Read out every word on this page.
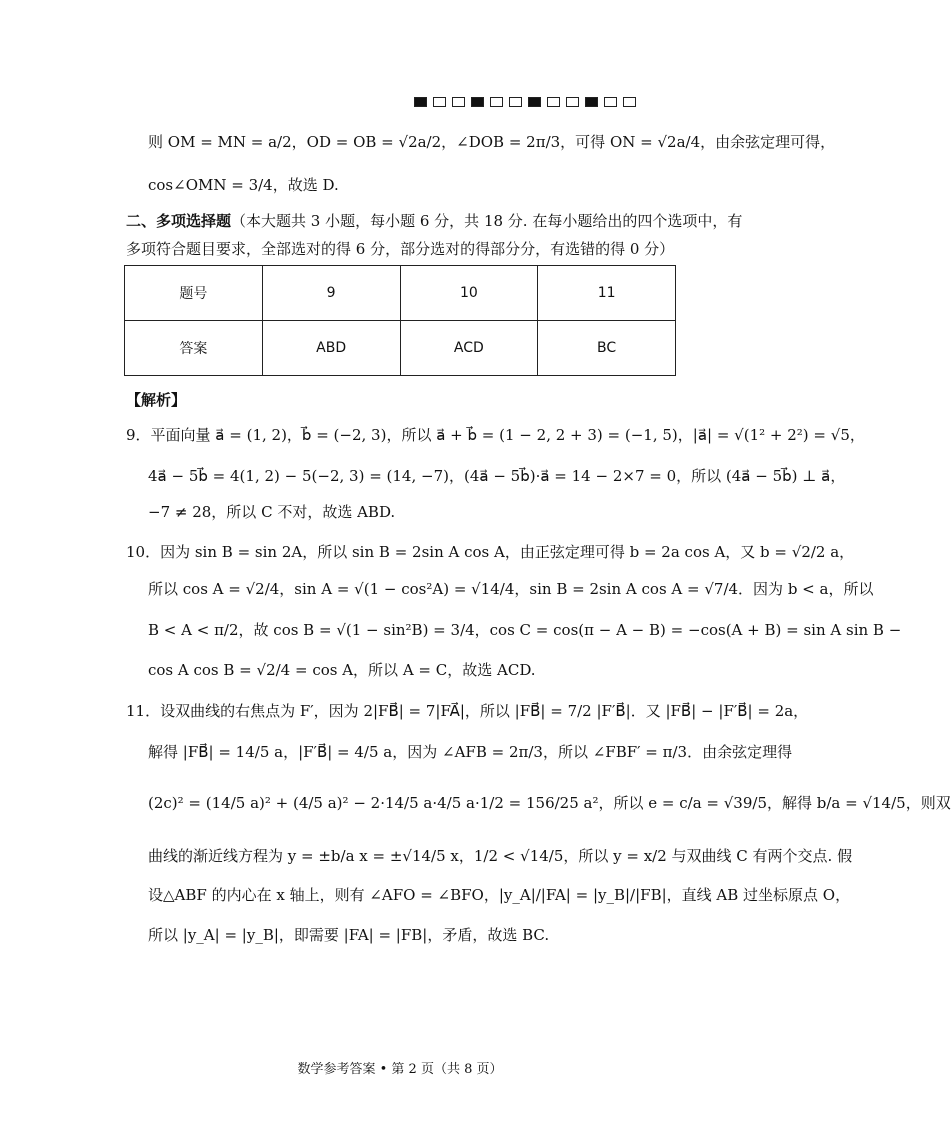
则 OM = MN = a/2，OD = OB = √2a/2，∠DOB = 2π/3，可得 ON = √2a/4，由余弦定理可得，
cos∠OMN = 3/4，故选 D.
二、多项选择题（本大题共 3 小题，每小题 6 分，共 18 分. 在每小题给出的四个选项中，有
多项符合题目要求，全部选对的得 6 分，部分选对的得部分分，有选错的得 0 分）
题号	9	10	11
答案	ABD	ACD	BC
【解析】
9．平面向量 a⃗ = (1, 2)，b⃗ = (−2, 3)，所以 a⃗ + b⃗ = (1 − 2, 2 + 3) = (−1, 5)，|a⃗| = √(1² + 2²) = √5，
4a⃗ − 5b⃗ = 4(1, 2) − 5(−2, 3) = (14, −7)，(4a⃗ − 5b⃗)·a⃗ = 14 − 2×7 = 0，所以 (4a⃗ − 5b⃗) ⊥ a⃗，
−7 ≠ 28，所以 C 不对，故选 ABD.
10．因为 sin B = sin 2A，所以 sin B = 2sin A cos A，由正弦定理可得 b = 2a cos A，又 b = √2/2 a，
所以 cos A = √2/4，sin A = √(1 − cos²A) = √14/4，sin B = 2sin A cos A = √7/4．因为 b < a，所以
B < A < π/2，故 cos B = √(1 − sin²B) = 3/4，cos C = cos(π − A − B) = −cos(A + B) = sin A sin B −
cos A cos B = √2/4 = cos A，所以 A = C，故选 ACD.
11．设双曲线的右焦点为 F′，因为 2|FB⃗| = 7|FA⃗|，所以 |FB⃗| = 7/2 |F′B⃗|．又 |FB⃗| − |F′B⃗| = 2a，
解得 |FB⃗| = 14/5 a，|F′B⃗| = 4/5 a，因为 ∠AFB = 2π/3，所以 ∠FBF′ = π/3．由余弦定理得
(2c)² = (14/5 a)² + (4/5 a)² − 2·14/5 a·4/5 a·1/2 = 156/25 a²，所以 e = c/a = √39/5，解得 b/a = √14/5，则双
曲线的渐近线方程为 y = ±b/a x = ±√14/5 x，1/2 < √14/5，所以 y = x/2 与双曲线 C 有两个交点. 假
设△ABF 的内心在 x 轴上，则有 ∠AFO = ∠BFO，|y_A|/|FA| = |y_B|/|FB|，直线 AB 过坐标原点 O，
所以 |y_A| = |y_B|，即需要 |FA| = |FB|，矛盾，故选 BC.
数学参考答案 • 第 2 页（共 8 页）
